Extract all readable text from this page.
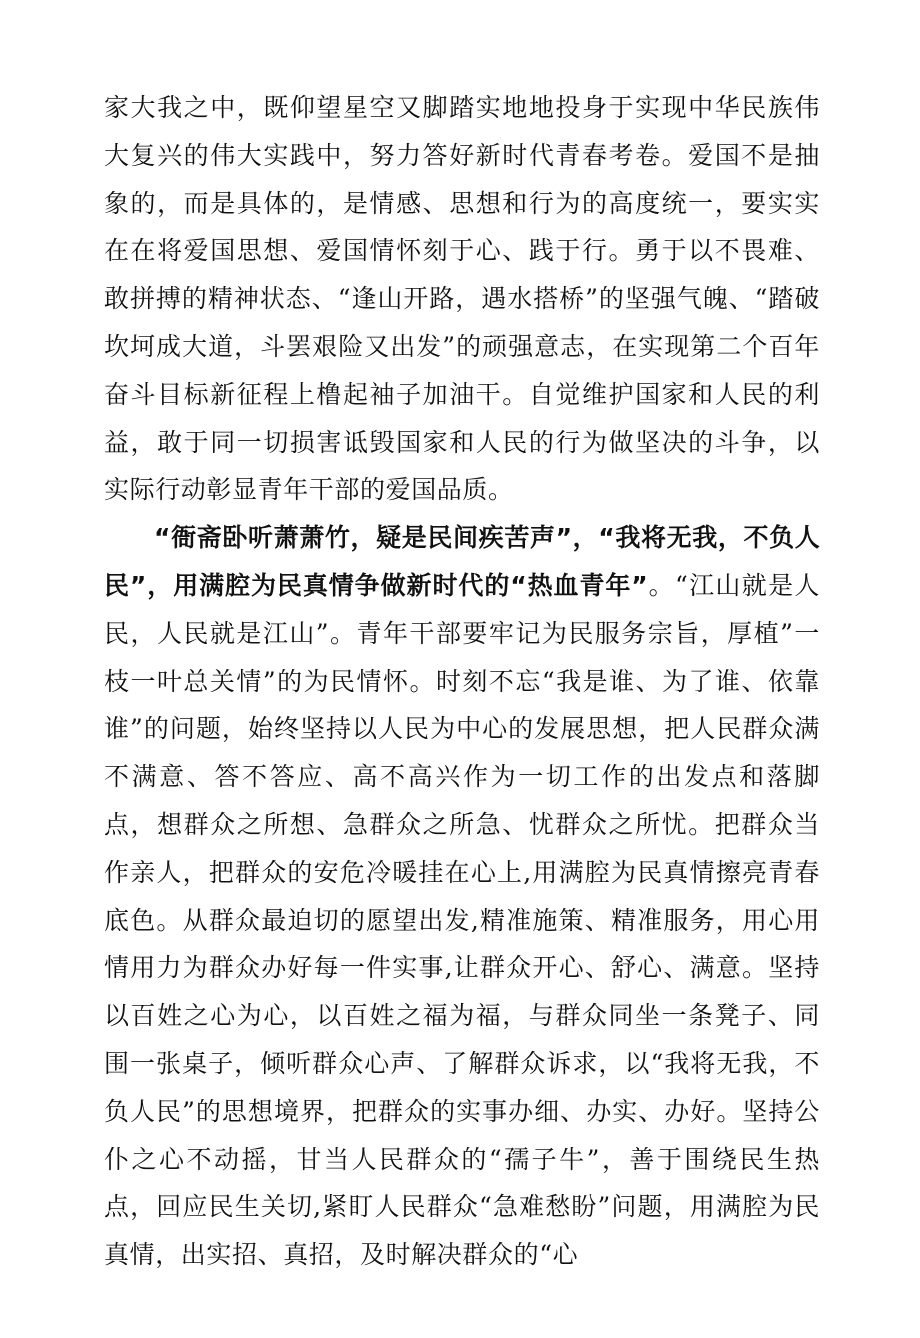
家大我之中，既仰望星空又脚踏实地地投身于实现中华民族伟大复兴的伟大实践中，努力答好新时代青春考卷。爱国不是抽象的，而是具体的，是情感、思想和行为的高度统一，要实实在在将爱国思想、爱国情怀刻于心、践于行。勇于以不畏难、敢拼搏的精神状态、“逢山开路，遇水搭桥”的坚强气魄、“踏破坎坷成大道，斗罢艰险又出发”的顽强意志，在实现第二个百年奋斗目标新征程上橹起袖子加油干。自觉维护国家和人民的利益，敢于同一切损害诋毁国家和人民的行为做坚决的斗争，以实际行动彰显青年干部的爱国品质。

“衙斋卧听萧萧竹，疑是民间疾苦声”，“我将无我，不负人民”，用满腔为民真情争做新时代的“热血青年”。“江山就是人民，人民就是江山”。青年干部要牢记为民服务宗旨，厚植”一枝一叶总关情”的为民情怀。时刻不忘“我是谁、为了谁、依靠谁”的问题，始终坚持以人民为中心的发展思想，把人民群众满不满意、答不答应、高不高兴作为一切工作的出发点和落脚点，想群众之所想、急群众之所急、忧群众之所忧。把群众当作亲人，把群众的安危冷暖挂在心上,用满腔为民真情擦亮青春底色。从群众最迫切的愿望出发,精准施策、精准服务，用心用情用力为群众办好每一件实事,让群众开心、舒心、满意。坚持以百姓之心为心，以百姓之福为福，与群众同坐一条凳子、同围一张桌子，倾听群众心声、了解群众诉求，以“我将无我，不负人民”的思想境界，把群众的实事办细、办实、办好。坚持公仆之心不动摇，甘当人民群众的“孺子牛”，善于围绕民生热点，回应民生关切,紧盯人民群众“急难愁盼”问题，用满腔为民真情，出实招、真招，及时解决群众的“心
